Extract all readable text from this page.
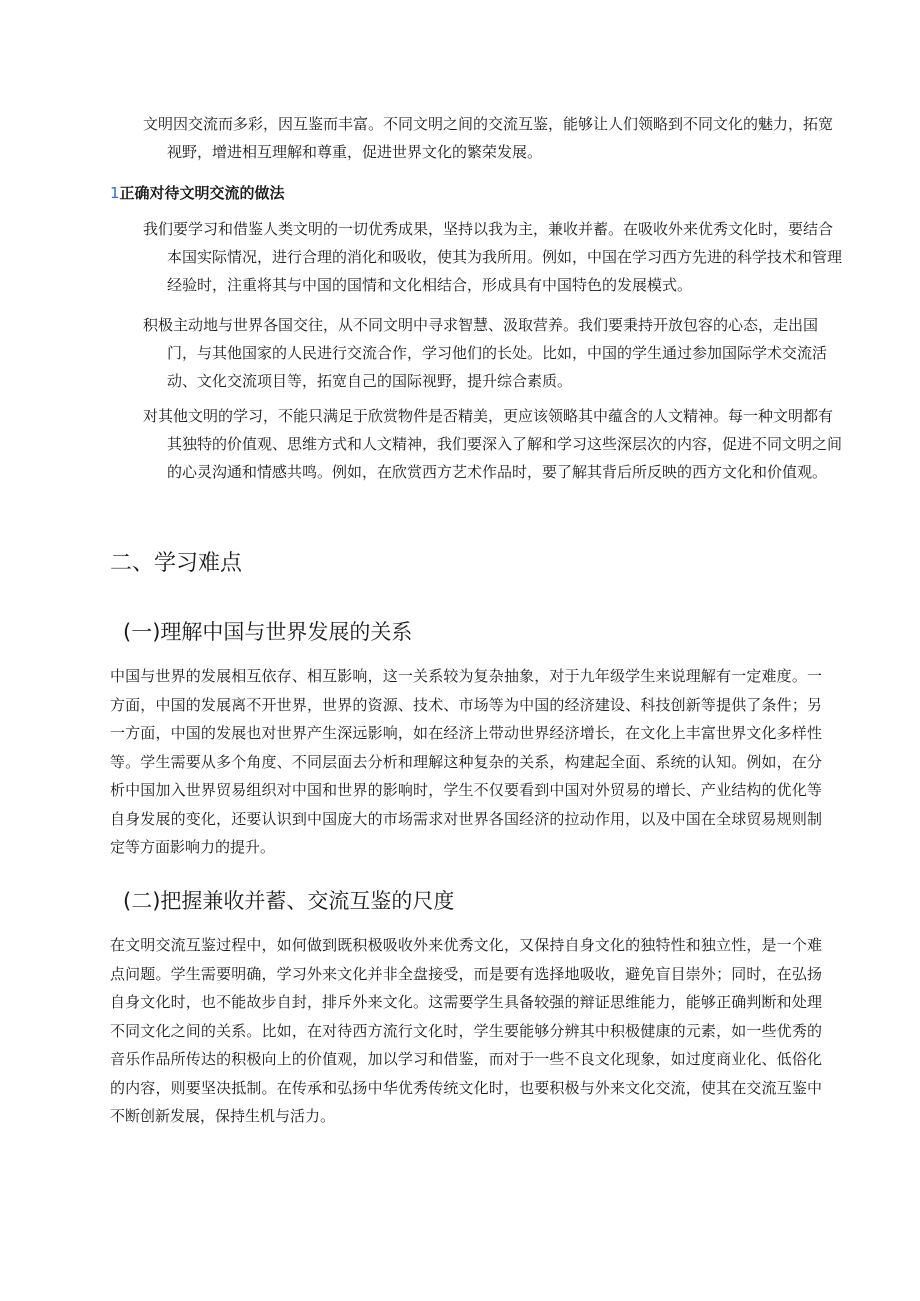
文明因交流而多彩，因互鉴而丰富。不同文明之间的交流互鉴，能够让人们领略到不同文化的魅力，拓宽视野，增进相互理解和尊重，促进世界文化的繁荣发展。

1正确对待文明交流的做法

我们要学习和借鉴人类文明的一切优秀成果，坚持以我为主，兼收并蓄。在吸收外来优秀文化时，要结合本国实际情况，进行合理的消化和吸收，使其为我所用。例如，中国在学习西方先进的科学技术和管理经验时，注重将其与中国的国情和文化相结合，形成具有中国特色的发展模式。

积极主动地与世界各国交往，从不同文明中寻求智慧、汲取营养。我们要秉持开放包容的心态，走出国门，与其他国家的人民进行交流合作，学习他们的长处。比如，中国的学生通过参加国际学术交流活动、文化交流项目等，拓宽自己的国际视野，提升综合素质。

对其他文明的学习，不能只满足于欣赏物件是否精美，更应该领略其中蕴含的人文精神。每一种文明都有其独特的价值观、思维方式和人文精神，我们要深入了解和学习这些深层次的内容，促进不同文明之间的心灵沟通和情感共鸣。例如，在欣赏西方艺术作品时，要了解其背后所反映的西方文化和价值观。

二、学习难点
(一)理解中国与世界发展的关系

中国与世界的发展相互依存、相互影响，这一关系较为复杂抽象，对于九年级学生来说理解有一定难度。一方面，中国的发展离不开世界，世界的资源、技术、市场等为中国的经济建设、科技创新等提供了条件；另一方面，中国的发展也对世界产生深远影响，如在经济上带动世界经济增长，在文化上丰富世界文化多样性等。学生需要从多个角度、不同层面去分析和理解这种复杂的关系，构建起全面、系统的认知。例如，在分析中国加入世界贸易组织对中国和世界的影响时，学生不仅要看到中国对外贸易的增长、产业结构的优化等自身发展的变化，还要认识到中国庞大的市场需求对世界各国经济的拉动作用，以及中国在全球贸易规则制定等方面影响力的提升。

(二)把握兼收并蓄、交流互鉴的尺度

在文明交流互鉴过程中，如何做到既积极吸收外来优秀文化，又保持自身文化的独特性和独立性，是一个难点问题。学生需要明确，学习外来文化并非全盘接受，而是要有选择地吸收，避免盲目崇外；同时，在弘扬自身文化时，也不能故步自封，排斥外来文化。这需要学生具备较强的辩证思维能力，能够正确判断和处理不同文化之间的关系。比如，在对待西方流行文化时，学生要能够分辨其中积极健康的元素，如一些优秀的音乐作品所传达的积极向上的价值观，加以学习和借鉴，而对于一些不良文化现象，如过度商业化、低俗化的内容，则要坚决抵制。在传承和弘扬中华优秀传统文化时，也要积极与外来文化交流，使其在交流互鉴中不断创新发展，保持生机与活力。
